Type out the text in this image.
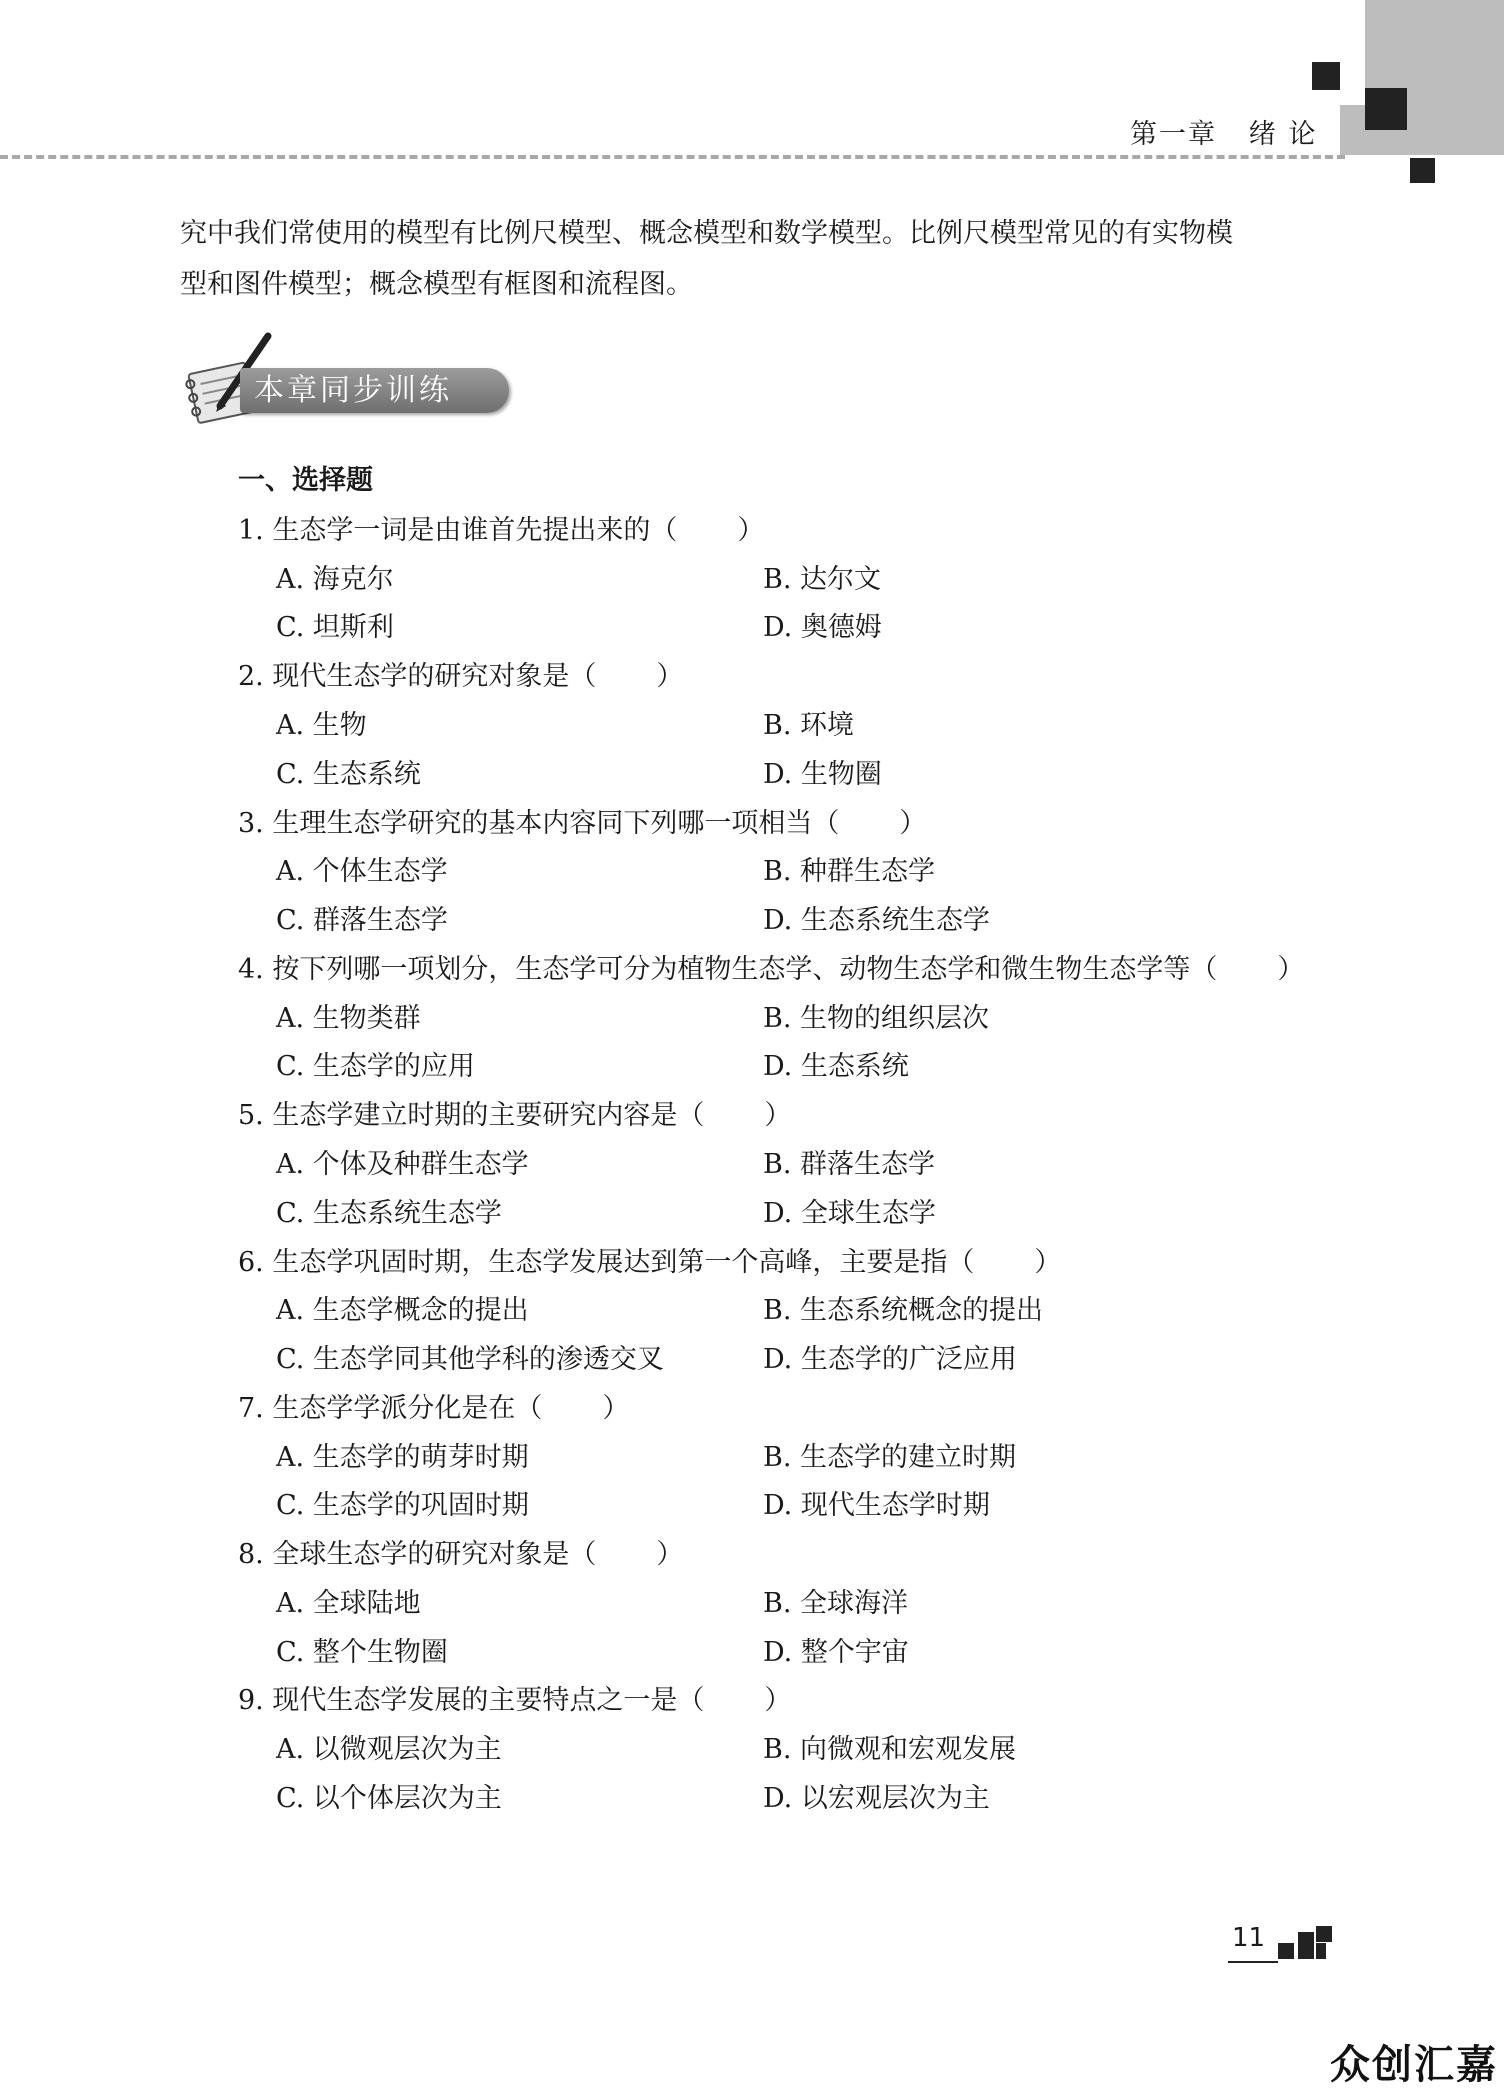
第一章   绪 论

究中我们常使用的模型有比例尺模型、概念模型和数学模型。比例尺模型常见的有实物模

型和图件模型；概念模型有框图和流程图。

本章同步训练
一、选择题
1. 生态学一词是由谁首先提出来的（ ）
A. 海克尔	B. 达尔文
C. 坦斯利	D. 奥德姆
2. 现代生态学的研究对象是（ ）
A. 生物	B. 环境
C. 生态系统	D. 生物圈
3. 生理生态学研究的基本内容同下列哪一项相当（ ）
A. 个体生态学	B. 种群生态学
C. 群落生态学	D. 生态系统生态学
4. 按下列哪一项划分，生态学可分为植物生态学、动物生态学和微生物生态学等（ ）
A. 生物类群	B. 生物的组织层次
C. 生态学的应用	D. 生态系统
5. 生态学建立时期的主要研究内容是（ ）
A. 个体及种群生态学	B. 群落生态学
C. 生态系统生态学	D. 全球生态学
6. 生态学巩固时期，生态学发展达到第一个高峰，主要是指（ ）
A. 生态学概念的提出	B. 生态系统概念的提出
C. 生态学同其他学科的渗透交叉	D. 生态学的广泛应用
7. 生态学学派分化是在（ ）
A. 生态学的萌芽时期	B. 生态学的建立时期
C. 生态学的巩固时期	D. 现代生态学时期
8. 全球生态学的研究对象是（ ）
A. 全球陆地	B. 全球海洋
C. 整个生物圈	D. 整个宇宙
9. 现代生态学发展的主要特点之一是（ ）
A. 以微观层次为主	B. 向微观和宏观发展
C. 以个体层次为主	D. 以宏观层次为主
11
众创汇嘉
